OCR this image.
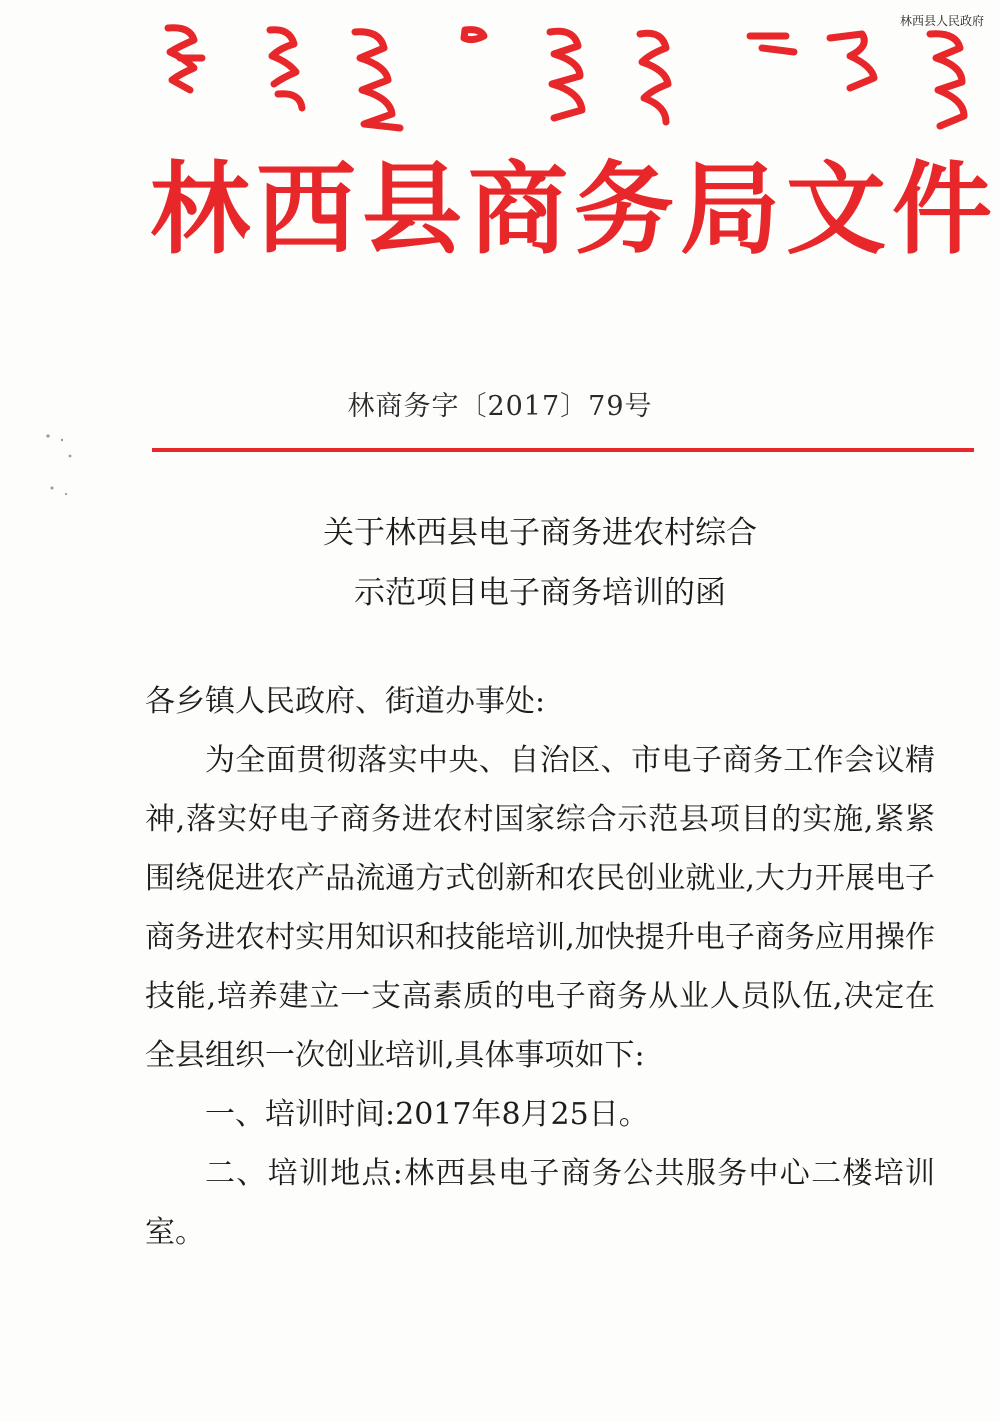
林西县人民政府
林西县商务局文件
林商务字〔2017〕79号
关于林西县电子商务进农村综合
示范项目电子商务培训的函

各乡镇人民政府、街道办事处:

为全面贯彻落实中央、自治区、市电子商务工作会议精神,落实好电子商务进农村国家综合示范县项目的实施,紧紧围绕促进农产品流通方式创新和农民创业就业,大力开展电子商务进农村实用知识和技能培训,加快提升电子商务应用操作技能,培养建立一支高素质的电子商务从业人员队伍,决定在全县组织一次创业培训,具体事项如下:

一、培训时间:2017年8月25日。

二、培训地点:林西县电子商务公共服务中心二楼培训室。
